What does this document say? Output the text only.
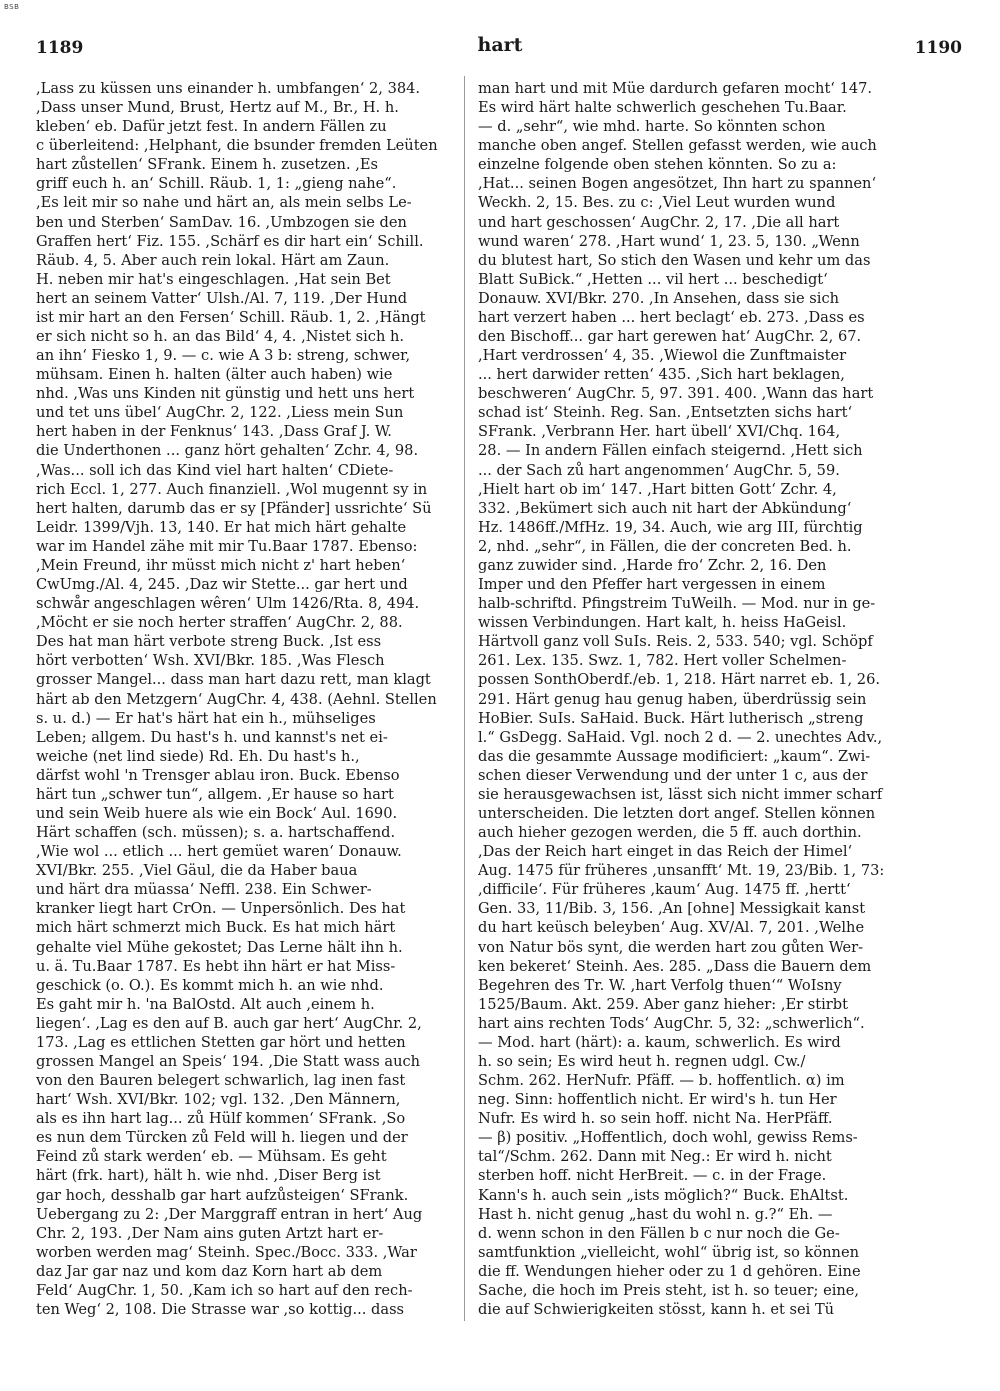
BSB
1189	hart	1190
,Lass zu küssen uns einander h. umbfangen‘ 2, 384.
,Dass unser Mund, Brust, Hertz auf M., Br., H. h.
kleben‘ eb. Dafür jetzt fest. In andern Fällen zu
c überleitend: ,Helphant, die bsunder fremden Leüten
hart zůstellen‘ SFrank. Einem h. zusetzen. ,Es
griff euch h. an‘ Schill. Räub. 1, 1: „gieng nahe“.
,Es leit mir so nahe und härt an, als mein selbs Le-
ben und Sterben‘ SamDav. 16. ,Umbzogen sie den
Graffen hert‘ Fiz. 155. ,Schärf es dir hart ein‘ Schill.
Räub. 4, 5. Aber auch rein lokal. Härt am Zaun.
H. neben mir hat's eingeschlagen. ,Hat sein Bet
hert an seinem Vatter‘ Ulsh./Al. 7, 119. ,Der Hund
ist mir hart an den Fersen‘ Schill. Räub. 1, 2. ,Hängt
er sich nicht so h. an das Bild‘ 4, 4. ,Nistet sich h.
an ihn‘ Fiesko 1, 9. — c. wie A 3 b: streng, schwer,
mühsam. Einen h. halten (älter auch haben) wie
nhd. ,Was uns Kinden nit günstig und hett uns hert
und tet uns übel‘ AugChr. 2, 122. ,Liess mein Sun
hert haben in der Fenknus‘ 143. ,Dass Graf J. W.
die Underthonen ... ganz hört gehalten‘ Zchr. 4, 98.
,Was... soll ich das Kind viel hart halten‘ CDiete-
rich Eccl. 1, 277. Auch finanziell. ,Wol mugennt sy in
hert halten, darumb das er sy [Pfänder] ussrichte‘ Sü
Leidr. 1399/Vjh. 13, 140. Er hat mich härt gehalte
war im Handel zähe mit mir Tu.Baar 1787. Ebenso:
,Mein Freund, ihr müsst mich nicht z' hart heben‘
CwUmg./Al. 4, 245. ,Daz wir Stette... gar hert und
schwår angeschlagen wêren‘ Ulm 1426/Rta. 8, 494.
,Möcht er sie noch herter straffen‘ AugChr. 2, 88.
Des hat man härt verbote streng Buck. ,Ist ess
hört verbotten‘ Wsh. XVI/Bkr. 185. ,Was Flesch
grosser Mangel... dass man hart dazu rett, man klagt
härt ab den Metzgern‘ AugChr. 4, 438. (Aehnl. Stellen
s. u. d.) — Er hat's härt hat ein h., mühseliges
Leben; allgem. Du hast's h. und kannst's net ei-
weiche (net lind siede) Rd. Eh. Du hast's h.,
därfst wohl 'n Trensger ablau iron. Buck. Ebenso
härt tun „schwer tun“, allgem. ,Er hause so hart
und sein Weib huere als wie ein Bock‘ Aul. 1690.
Härt schaffen (sch. müssen); s. a. hartschaffend.
,Wie wol ... etlich ... hert gemüet waren‘ Donauw.
XVI/Bkr. 255. ,Viel Gäul, die da Haber baua
und härt dra müassa‘ Neffl. 238. Ein Schwer-
kranker liegt hart CrOn. — Unpersönlich. Des hat
mich härt schmerzt mich Buck. Es hat mich härt
gehalte viel Mühe gekostet; Das Lerne hält ihn h.
u. ä. Tu.Baar 1787. Es hebt ihn härt er hat Miss-
geschick (o. O.). Es kommt mich h. an wie nhd.
Es gaht mir h. 'na BalOstd. Alt auch ,einem h.
liegen‘. ,Lag es den auf B. auch gar hert‘ AugChr. 2,
173. ,Lag es ettlichen Stetten gar hört und hetten
grossen Mangel an Speis‘ 194. ,Die Statt wass auch
von den Bauren belegert schwarlich, lag inen fast
hart‘ Wsh. XVI/Bkr. 102; vgl. 132. ,Den Männern,
als es ihn hart lag... zů Hülf kommen‘ SFrank. ,So
es nun dem Türcken zů Feld will h. liegen und der
Feind zů stark werden‘ eb. — Mühsam. Es geht
härt (frk. hart), hält h. wie nhd. ,Diser Berg ist
gar hoch, desshalb gar hart aufzůsteigen‘ SFrank.
Uebergang zu 2: ,Der Marggraff entran in hert‘ Aug
Chr. 2, 193. ,Der Nam ains guten Artzt hart er-
worben werden mag‘ Steinh. Spec./Bocc. 333. ,War
daz Jar gar naz und kom daz Korn hart ab dem
Feld‘ AugChr. 1, 50. ,Kam ich so hart auf den rech-
ten Weg‘ 2, 108. Die Strasse war ,so kottig... dass
man hart und mit Müe dardurch gefaren mocht‘ 147.
Es wird härt halte schwerlich geschehen Tu.Baar.
— d. „sehr“, wie mhd. harte. So könnten schon
manche oben angef. Stellen gefasst werden, wie auch
einzelne folgende oben stehen könnten. So zu a:
,Hat... seinen Bogen angesötzet, Ihn hart zu spannen‘
Weckh. 2, 15. Bes. zu c: ,Viel Leut wurden wund
und hart geschossen‘ AugChr. 2, 17. ,Die all hart
wund waren‘ 278. ,Hart wund‘ 1, 23. 5, 130. „Wenn
du blutest hart, So stich den Wasen und kehr um das
Blatt SuBick.“ ,Hetten ... vil hert ... beschedigt‘
Donauw. XVI/Bkr. 270. ,In Ansehen, dass sie sich
hart verzert haben ... hert beclagt‘ eb. 273. ,Dass es
den Bischoff... gar hart gerewen hat‘ AugChr. 2, 67.
,Hart verdrossen‘ 4, 35. ,Wiewol die Zunftmaister
... hert darwider retten‘ 435. ,Sich hart beklagen,
beschweren‘ AugChr. 5, 97. 391. 400. ,Wann das hart
schad ist‘ Steinh. Reg. San. ,Entsetzten sichs hart‘
SFrank. ,Verbrann Her. hart übell‘ XVI/Chq. 164,
28. — In andern Fällen einfach steigernd. ,Hett sich
... der Sach zů hart angenommen‘ AugChr. 5, 59.
,Hielt hart ob im‘ 147. ,Hart bitten Gott‘ Zchr. 4,
332. ,Bekümert sich auch nit hart der Abkündung‘
Hz. 1486ff./MfHz. 19, 34. Auch, wie arg III, fürchtig
2, nhd. „sehr“, in Fällen, die der concreten Bed. h.
ganz zuwider sind. ,Harde fro‘ Zchr. 2, 16. Den
Imper und den Pfeffer hart vergessen in einem
halb-schriftd. Pfingstreim TuWeilh. — Mod. nur in ge-
wissen Verbindungen. Hart kalt, h. heiss HaGeisl.
Härtvoll ganz voll SuIs. Reis. 2, 533. 540; vgl. Schöpf
261. Lex. 135. Swz. 1, 782. Hert voller Schelmen-
possen SonthOberdf./eb. 1, 218. Härt narret eb. 1, 26.
291. Härt genug hau genug haben, überdrüssig sein
HoBier. SuIs. SaHaid. Buck. Härt lutherisch „streng
l.“ GsDegg. SaHaid. Vgl. noch 2 d. — 2. unechtes Adv.,
das die gesammte Aussage modificiert: „kaum“. Zwi-
schen dieser Verwendung und der unter 1 c, aus der
sie herausgewachsen ist, lässt sich nicht immer scharf
unterscheiden. Die letzten dort angef. Stellen können
auch hieher gezogen werden, die 5 ff. auch dorthin.
,Das der Reich hart einget in das Reich der Himel‘
Aug. 1475 für früheres ,unsanfft‘ Mt. 19, 23/Bib. 1, 73:
,difficile‘. Für früheres ,kaum‘ Aug. 1475 ff. ,hertt‘
Gen. 33, 11/Bib. 3, 156. ,An [ohne] Messigkait kanst
du hart keüsch beleyben‘ Aug. XV/Al. 7, 201. ,Welhe
von Natur bös synt, die werden hart zou gůten Wer-
ken bekeret‘ Steinh. Aes. 285. „Dass die Bauern dem
Begehren des Tr. W. ,hart Verfolg thuen‘“ WoIsny
1525/Baum. Akt. 259. Aber ganz hieher: ,Er stirbt
hart ains rechten Tods‘ AugChr. 5, 32: „schwerlich“.
— Mod. hart (härt): a. kaum, schwerlich. Es wird
h. so sein; Es wird heut h. regnen udgl. Cw./
Schm. 262. HerNufr. Pfäff. — b. hoffentlich. α) im
neg. Sinn: hoffentlich nicht. Er wird's h. tun Her
Nufr. Es wird h. so sein hoff. nicht Na. HerPfäff.
— β) positiv. „Hoffentlich, doch wohl, gewiss Rems-
tal“/Schm. 262. Dann mit Neg.: Er wird h. nicht
sterben hoff. nicht HerBreit. — c. in der Frage.
Kann's h. auch sein „ists möglich?“ Buck. EhAltst.
Hast h. nicht genug „hast du wohl n. g.?“ Eh. —
d. wenn schon in den Fällen b c nur noch die Ge-
samtfunktion „vielleicht, wohl“ übrig ist, so können
die ff. Wendungen hieher oder zu 1 d gehören. Eine
Sache, die hoch im Preis steht, ist h. so teuer; eine,
die auf Schwierigkeiten stösst, kann h. et sei Tü
